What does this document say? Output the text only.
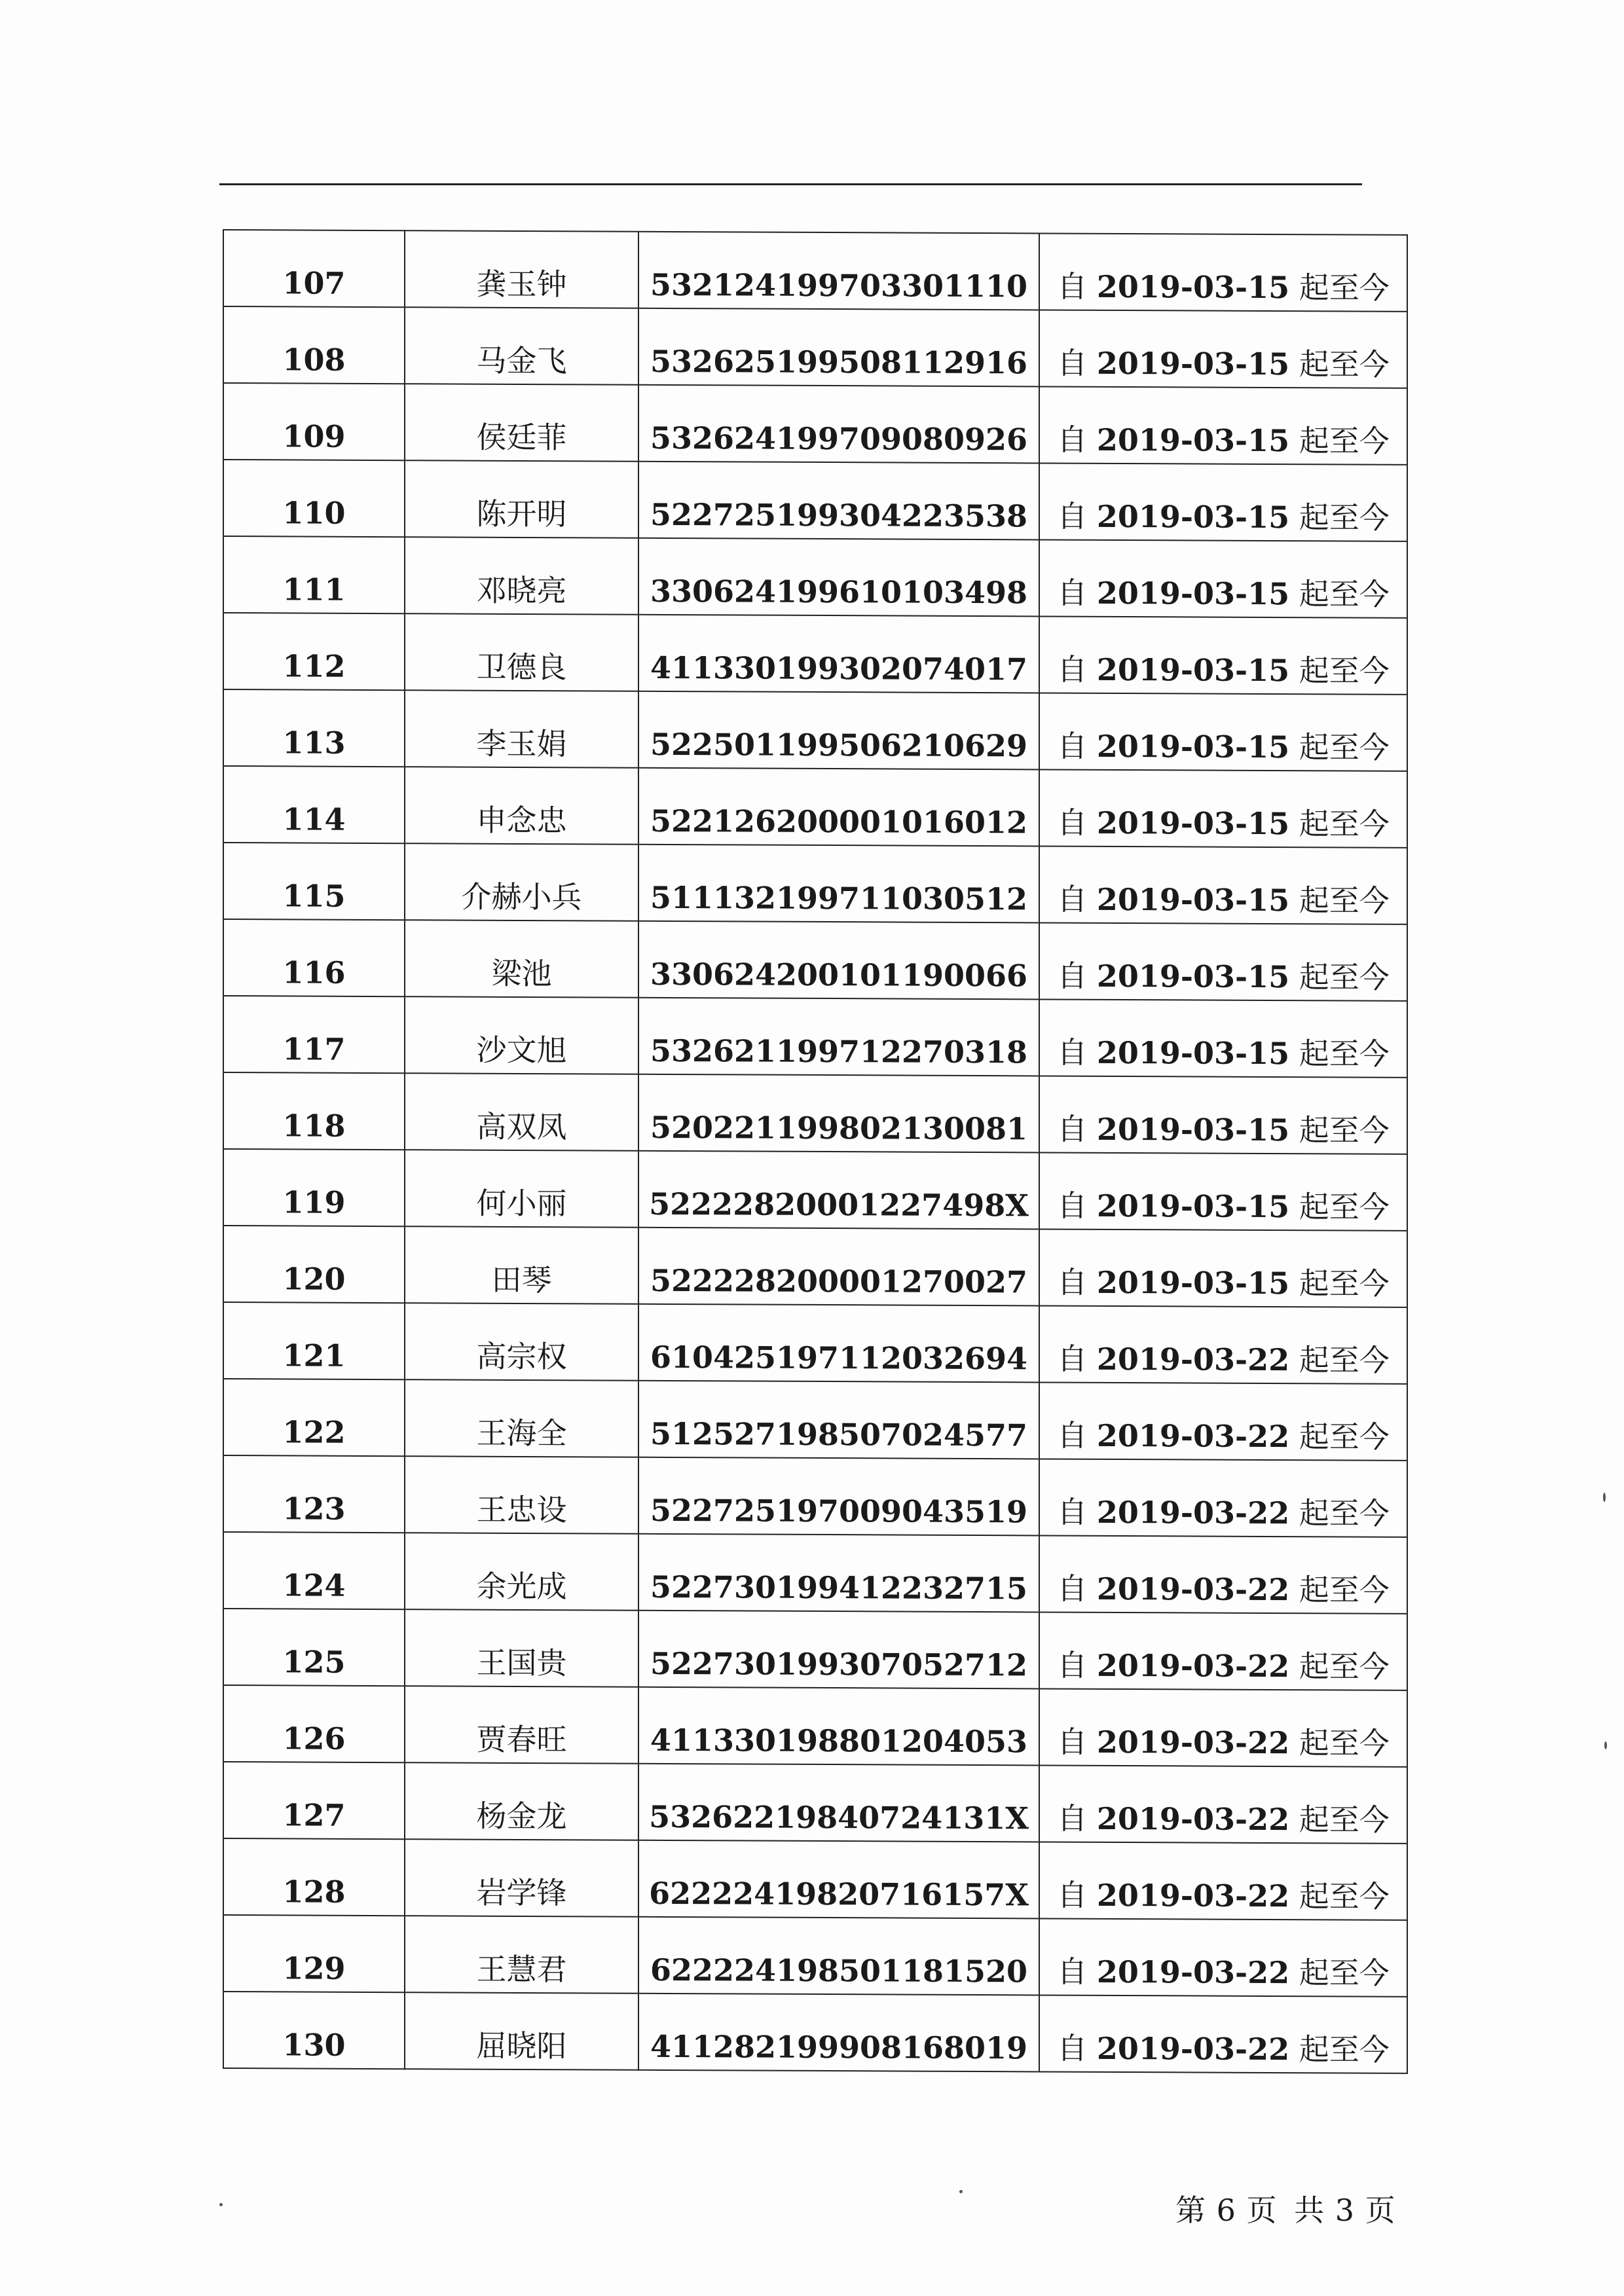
107	龚玉钟	532124199703301110	自 2019-03-15 起至今

108	马金飞	532625199508112916	自 2019-03-15 起至今

109	侯廷菲	532624199709080926	自 2019-03-15 起至今

110	陈开明	522725199304223538	自 2019-03-15 起至今

111	邓晓亮	330624199610103498	自 2019-03-15 起至今

112	卫德良	411330199302074017	自 2019-03-15 起至今

113	李玉娟	522501199506210629	自 2019-03-15 起至今

114	申念忠	522126200001016012	自 2019-03-15 起至今

115	介赫小兵	511132199711030512	自 2019-03-15 起至今

116	梁池	330624200101190066	自 2019-03-15 起至今

117	沙文旭	532621199712270318	自 2019-03-15 起至今

118	高双凤	520221199802130081	自 2019-03-15 起至今

119	何小丽	52222820001227498X	自 2019-03-15 起至今

120	田琴	522228200001270027	自 2019-03-15 起至今

121	高宗权	610425197112032694	自 2019-03-22 起至今

122	王海全	512527198507024577	自 2019-03-22 起至今

123	王忠设	522725197009043519	自 2019-03-22 起至今

124	余光成	522730199412232715	自 2019-03-22 起至今

125	王国贵	522730199307052712	自 2019-03-22 起至今

126	贾春旺	411330198801204053	自 2019-03-22 起至今

127	杨金龙	53262219840724131X	自 2019-03-22 起至今

128	岩学锋	62222419820716157X	自 2019-03-22 起至今

129	王慧君	622224198501181520	自 2019-03-22 起至今

130	屈晓阳	411282199908168019	自 2019-03-22 起至今
第 6 页 共 3 页
